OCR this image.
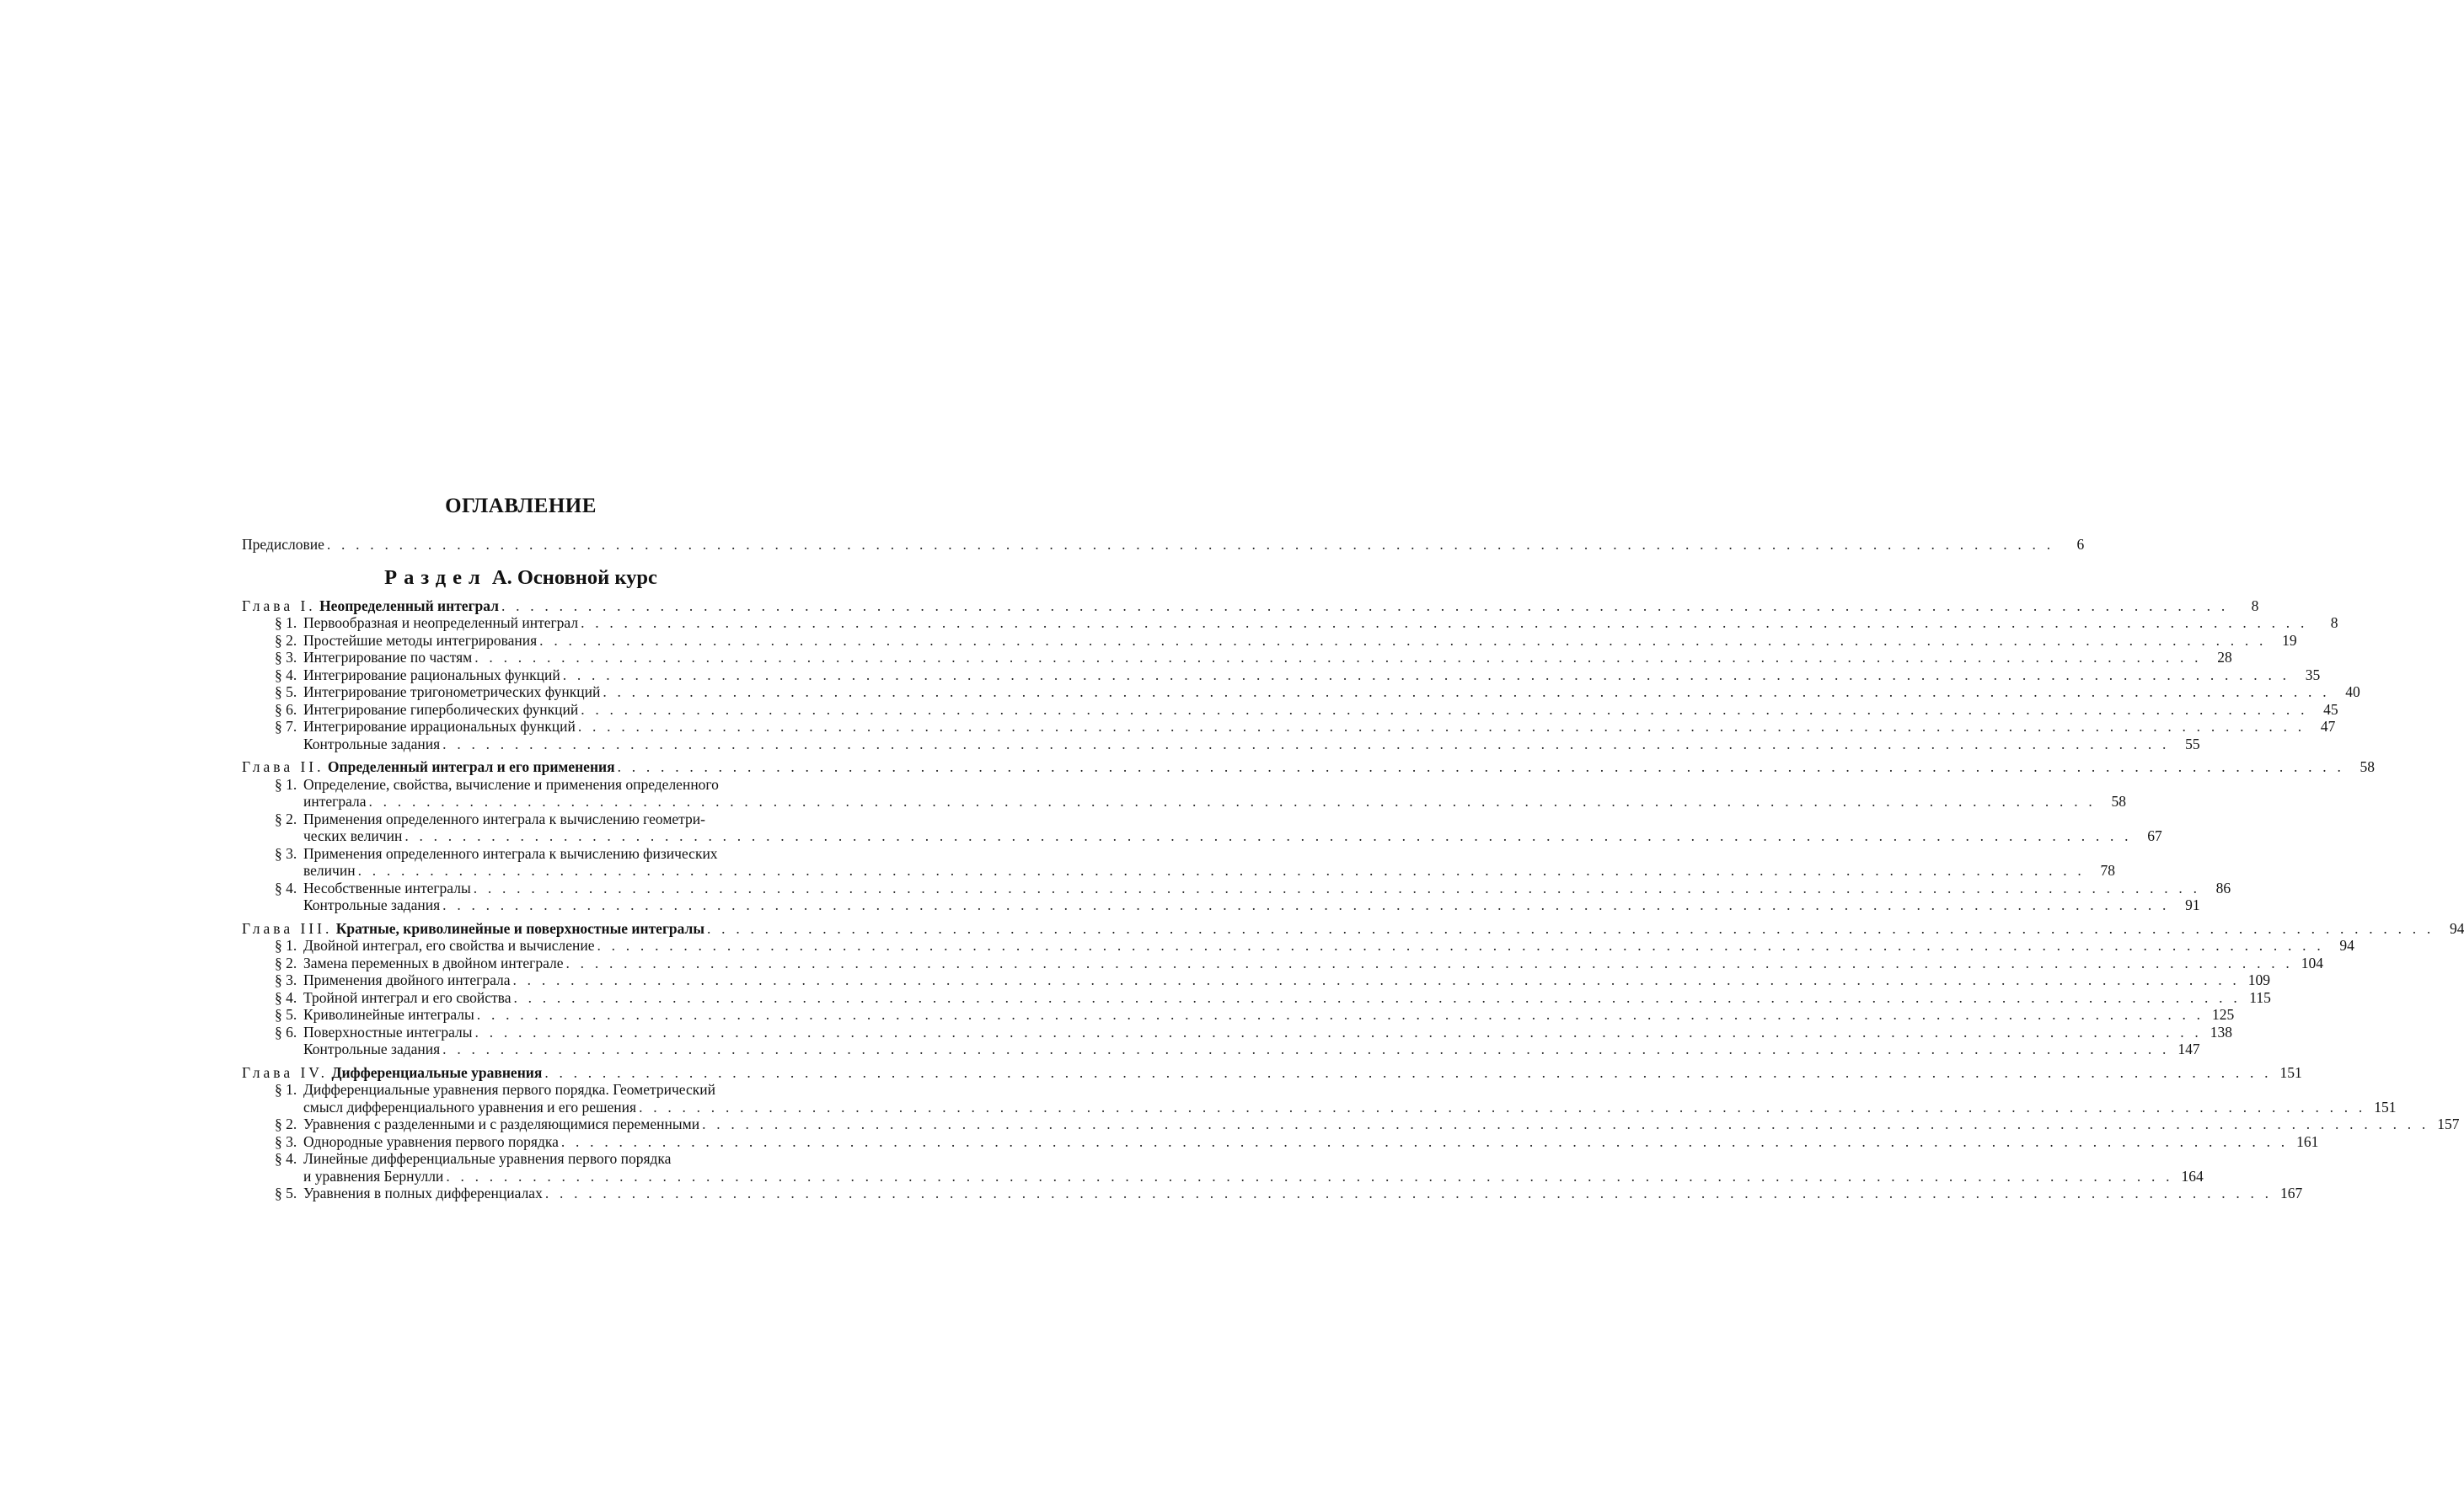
ОГЛАВЛЕНИЕ
Предисловие . . . . . . . . . . . . . . . . . . . . . . . . . . . . . . . . . . . . . . . . . . . . . . . . . . . . . . . . . . . . . . . . . . . . . . . . . . . . . . . . . . . . . . . . . . . . . . . . . . . . . . . . . . . . . . . . . . . . . . . .	6
Раздел А. Основной курс
Глава I. Неопределенный интеграл . . . . . . . . . . . . . . . . . . . . . . . . . . . . . . . . . . . . . . . . . . . . . . . . . . . . . . . . . . . . . . . . . . . . . . . . . . . . . . . . . . . . . . . . . . . . . . . . . . . . . . . . . . . . . . . . . . . . . . . .	8
§ 1. Первообразная и неопределенный интеграл . . . . . . . . . . . . . . . . . . . . . . . . . . . . . . . . . . . . . . . . . . . . . . . . . . . . . . . . . . . . . . . . . . . . . . . . . . . . . . . . . . . . . . . . . . . . . . . . . . . . . . . . . . . . . . . . . . . . . . . .	8
§ 2. Простейшие методы интегрирования . . . . . . . . . . . . . . . . . . . . . . . . . . . . . . . . . . . . . . . . . . . . . . . . . . . . . . . . . . . . . . . . . . . . . . . . . . . . . . . . . . . . . . . . . . . . . . . . . . . . . . . . . . . . . . . . . . . . . . . .	19
§ 3. Интегрирование по частям . . . . . . . . . . . . . . . . . . . . . . . . . . . . . . . . . . . . . . . . . . . . . . . . . . . . . . . . . . . . . . . . . . . . . . . . . . . . . . . . . . . . . . . . . . . . . . . . . . . . . . . . . . . . . . . . . . . . . . . .	28
§ 4. Интегрирование рациональных функций . . . . . . . . . . . . . . . . . . . . . . . . . . . . . . . . . . . . . . . . . . . . . . . . . . . . . . . . . . . . . . . . . . . . . . . . . . . . . . . . . . . . . . . . . . . . . . . . . . . . . . . . . . . . . . . . . . . . . . . .	35
§ 5. Интегрирование тригонометрических функций . . . . . . . . . . . . . . . . . . . . . . . . . . . . . . . . . . . . . . . . . . . . . . . . . . . . . . . . . . . . . . . . . . . . . . . . . . . . . . . . . . . . . . . . . . . . . . . . . . . . . . . . . . . . . . . . . . . . . . . .	40
§ 6. Интегрирование гиперболических функций . . . . . . . . . . . . . . . . . . . . . . . . . . . . . . . . . . . . . . . . . . . . . . . . . . . . . . . . . . . . . . . . . . . . . . . . . . . . . . . . . . . . . . . . . . . . . . . . . . . . . . . . . . . . . . . . . . . . . . . .	45
§ 7. Интегрирование иррациональных функций . . . . . . . . . . . . . . . . . . . . . . . . . . . . . . . . . . . . . . . . . . . . . . . . . . . . . . . . . . . . . . . . . . . . . . . . . . . . . . . . . . . . . . . . . . . . . . . . . . . . . . . . . . . . . . . . . . . . . . . .	47
Контрольные задания . . . . . . . . . . . . . . . . . . . . . . . . . . . . . . . . . . . . . . . . . . . . . . . . . . . . . . . . . . . . . . . . . . . . . . . . . . . . . . . . . . . . . . . . . . . . . . . . . . . . . . . . . . . . . . . . . . . . . . . .	55
Глава II. Определенный интеграл и его применения . . . . . . . . . . . . . . . . . . . . . . . . . . . . . . . . . . . . . . . . . . . . . . . . . . . . . . . . . . . . . . . . . . . . . . . . . . . . . . . . . . . . . . . . . . . . . . . . . . . . . . . . . . . . . . . . . . . . . . . .	58
§ 1. Определение, свойства, вычисление и применения определенного
интеграла . . . . . . . . . . . . . . . . . . . . . . . . . . . . . . . . . . . . . . . . . . . . . . . . . . . . . . . . . . . . . . . . . . . . . . . . . . . . . . . . . . . . . . . . . . . . . . . . . . . . . . . . . . . . . . . . . . . . . . . .	58
§ 2. Применения определенного интеграла к вычислению геометри-
ческих величин . . . . . . . . . . . . . . . . . . . . . . . . . . . . . . . . . . . . . . . . . . . . . . . . . . . . . . . . . . . . . . . . . . . . . . . . . . . . . . . . . . . . . . . . . . . . . . . . . . . . . . . . . . . . . . . . . . . . . . . .	67
§ 3. Применения определенного интеграла к вычислению физических
величин . . . . . . . . . . . . . . . . . . . . . . . . . . . . . . . . . . . . . . . . . . . . . . . . . . . . . . . . . . . . . . . . . . . . . . . . . . . . . . . . . . . . . . . . . . . . . . . . . . . . . . . . . . . . . . . . . . . . . . . .	78
§ 4. Несобственные интегралы . . . . . . . . . . . . . . . . . . . . . . . . . . . . . . . . . . . . . . . . . . . . . . . . . . . . . . . . . . . . . . . . . . . . . . . . . . . . . . . . . . . . . . . . . . . . . . . . . . . . . . . . . . . . . . . . . . . . . . . .	86
Контрольные задания . . . . . . . . . . . . . . . . . . . . . . . . . . . . . . . . . . . . . . . . . . . . . . . . . . . . . . . . . . . . . . . . . . . . . . . . . . . . . . . . . . . . . . . . . . . . . . . . . . . . . . . . . . . . . . . . . . . . . . . .	91
Глава III. Кратные, криволинейные и поверхностные интегралы . . . . . . . . . . . . . . . . . . . . . . . . . . . . . . . . . . . . . . . . . . . . . . . . . . . . . . . . . . . . . . . . . . . . . . . . . . . . . . . . . . . . . . . . . . . . . . . . . . . . . . . . . . . . . . . . . . . . . . . .	94
§ 1. Двойной интеграл, его свойства и вычисление . . . . . . . . . . . . . . . . . . . . . . . . . . . . . . . . . . . . . . . . . . . . . . . . . . . . . . . . . . . . . . . . . . . . . . . . . . . . . . . . . . . . . . . . . . . . . . . . . . . . . . . . . . . . . . . . . . . . . . . .	94
§ 2. Замена переменных в двойном интеграле . . . . . . . . . . . . . . . . . . . . . . . . . . . . . . . . . . . . . . . . . . . . . . . . . . . . . . . . . . . . . . . . . . . . . . . . . . . . . . . . . . . . . . . . . . . . . . . . . . . . . . . . . . . . . . . . . . . . . . . . 104
§ 3. Применения двойного интеграла . . . . . . . . . . . . . . . . . . . . . . . . . . . . . . . . . . . . . . . . . . . . . . . . . . . . . . . . . . . . . . . . . . . . . . . . . . . . . . . . . . . . . . . . . . . . . . . . . . . . . . . . . . . . . . . . . . . . . . . . 109
§ 4. Тройной интеграл и его свойства . . . . . . . . . . . . . . . . . . . . . . . . . . . . . . . . . . . . . . . . . . . . . . . . . . . . . . . . . . . . . . . . . . . . . . . . . . . . . . . . . . . . . . . . . . . . . . . . . . . . . . . . . . . . . . . . . . . . . . . . 115
§ 5. Криволинейные интегралы . . . . . . . . . . . . . . . . . . . . . . . . . . . . . . . . . . . . . . . . . . . . . . . . . . . . . . . . . . . . . . . . . . . . . . . . . . . . . . . . . . . . . . . . . . . . . . . . . . . . . . . . . . . . . . . . . . . . . . . . 125
§ 6. Поверхностные интегралы . . . . . . . . . . . . . . . . . . . . . . . . . . . . . . . . . . . . . . . . . . . . . . . . . . . . . . . . . . . . . . . . . . . . . . . . . . . . . . . . . . . . . . . . . . . . . . . . . . . . . . . . . . . . . . . . . . . . . . . . 138
Контрольные задания . . . . . . . . . . . . . . . . . . . . . . . . . . . . . . . . . . . . . . . . . . . . . . . . . . . . . . . . . . . . . . . . . . . . . . . . . . . . . . . . . . . . . . . . . . . . . . . . . . . . . . . . . . . . . . . . . . . . . . . . 147
Глава IV. Дифференциальные уравнения . . . . . . . . . . . . . . . . . . . . . . . . . . . . . . . . . . . . . . . . . . . . . . . . . . . . . . . . . . . . . . . . . . . . . . . . . . . . . . . . . . . . . . . . . . . . . . . . . . . . . . . . . . . . . . . . . . . . . . . . 151
§ 1. Дифференциальные уравнения первого порядка. Геометрический
смысл дифференциального уравнения и его решения . . . . . . . . . . . . . . . . . . . . . . . . . . . . . . . . . . . . . . . . . . . . . . . . . . . . . . . . . . . . . . . . . . . . . . . . . . . . . . . . . . . . . . . . . . . . . . . . . . . . . . . . . . . . . . . . . . . . . . . . 151
§ 2. Уравнения с разделенными и с разделяющимися переменными . . . . . . . . . . . . . . . . . . . . . . . . . . . . . . . . . . . . . . . . . . . . . . . . . . . . . . . . . . . . . . . . . . . . . . . . . . . . . . . . . . . . . . . . . . . . . . . . . . . . . . . . . . . . . . . . . . . . . . . . 157
§ 3. Однородные уравнения первого порядка . . . . . . . . . . . . . . . . . . . . . . . . . . . . . . . . . . . . . . . . . . . . . . . . . . . . . . . . . . . . . . . . . . . . . . . . . . . . . . . . . . . . . . . . . . . . . . . . . . . . . . . . . . . . . . . . . . . . . . . . 161
§ 4. Линейные дифференциальные уравнения первого порядка
и уравнения Бернулли . . . . . . . . . . . . . . . . . . . . . . . . . . . . . . . . . . . . . . . . . . . . . . . . . . . . . . . . . . . . . . . . . . . . . . . . . . . . . . . . . . . . . . . . . . . . . . . . . . . . . . . . . . . . . . . . . . . . . . . . 164
§ 5. Уравнения в полных дифференциалах . . . . . . . . . . . . . . . . . . . . . . . . . . . . . . . . . . . . . . . . . . . . . . . . . . . . . . . . . . . . . . . . . . . . . . . . . . . . . . . . . . . . . . . . . . . . . . . . . . . . . . . . . . . . . . . . . . . . . . . . 167
